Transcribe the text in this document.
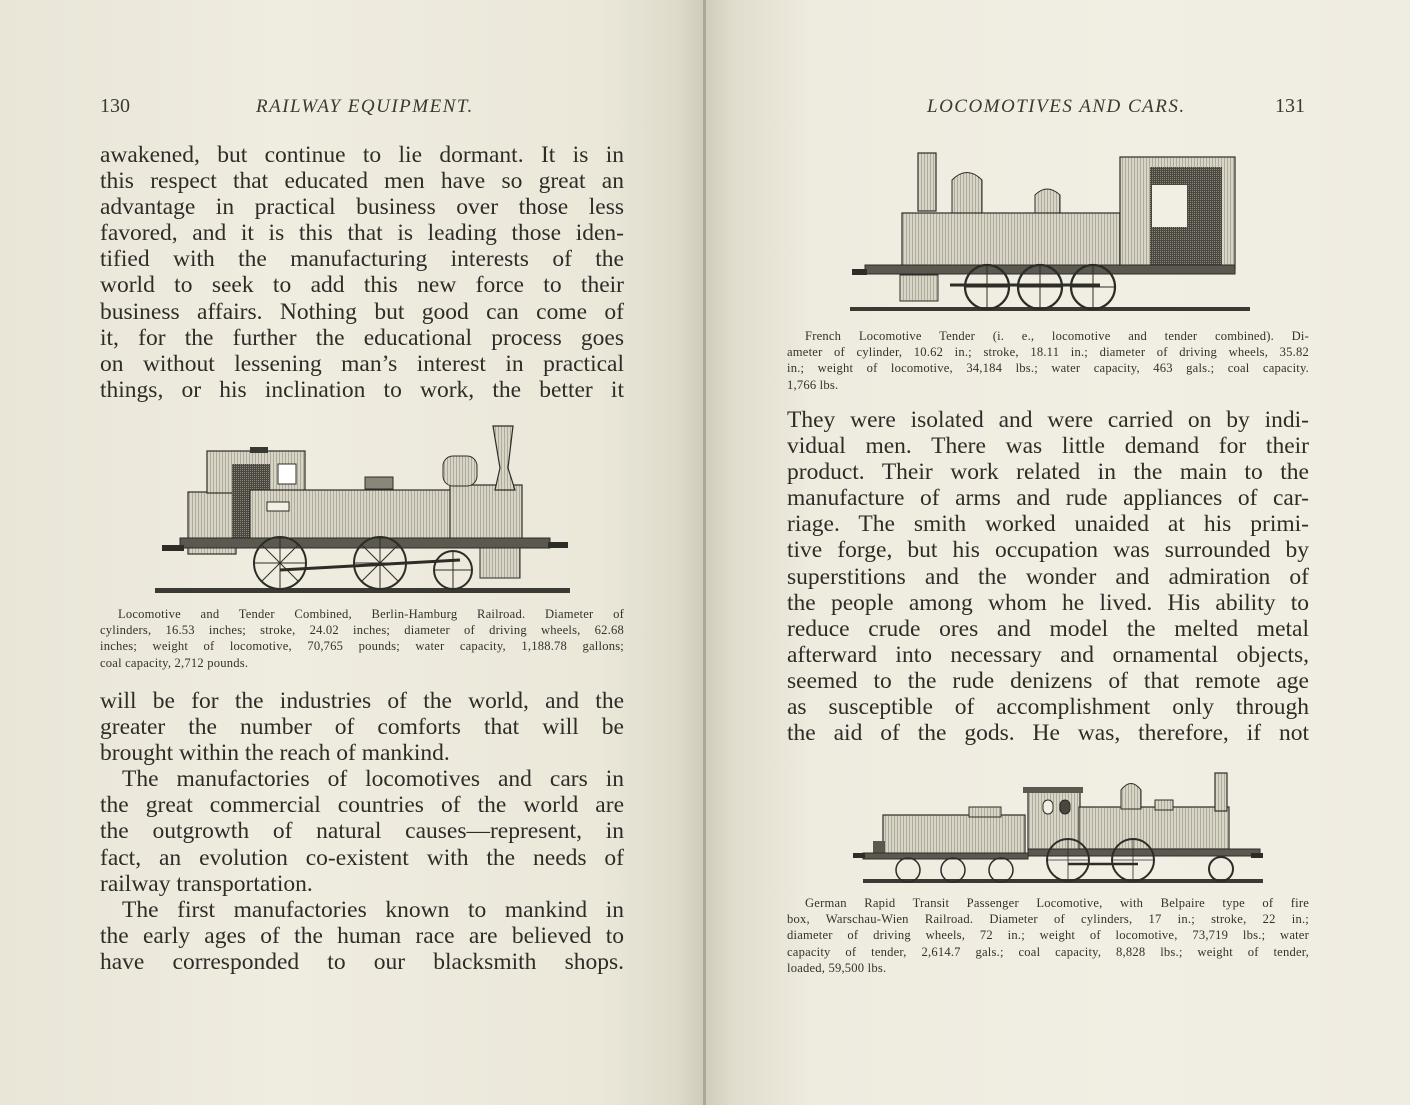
130	RAILWAY EQUIPMENT.
awakened, but continue to lie dormant. It is in
this respect that educated men have so great an
advantage in practical business over those less
favored, and it is this that is leading those iden-
tified with the manufacturing interests of the
world to seek to add this new force to their
business affairs. Nothing but good can come of
it, for the further the educational process goes
on without lessening man’s interest in practical
things, or his inclination to work, the better it
Locomotive and Tender Combined, Berlin-Hamburg Railroad. Diameter of
cylinders, 16.53 inches; stroke, 24.02 inches; diameter of driving wheels, 62.68
inches; weight of locomotive, 70,765 pounds; water capacity, 1,188.78 gallons;
coal capacity, 2,712 pounds.
will be for the industries of the world, and the
greater the number of comforts that will be
brought within the reach of mankind.
The manufactories of locomotives and cars in
the great commercial countries of the world are
the outgrowth of natural causes—represent, in
fact, an evolution co-existent with the needs of
railway transportation.
The first manufactories known to mankind in
the early ages of the human race are believed to
have corresponded to our blacksmith shops.
LOCOMOTIVES AND CARS.	131
French Locomotive Tender (i. e., locomotive and tender combined). Di-
ameter of cylinder, 10.62 in.; stroke, 18.11 in.; diameter of driving wheels, 35.82
in.; weight of locomotive, 34,184 lbs.; water capacity, 463 gals.; coal capacity.
1,766 lbs.
They were isolated and were carried on by indi-
vidual men. There was little demand for their
product. Their work related in the main to the
manufacture of arms and rude appliances of car-
riage. The smith worked unaided at his primi-
tive forge, but his occupation was surrounded by
superstitions and the wonder and admiration of
the people among whom he lived. His ability to
reduce crude ores and model the melted metal
afterward into necessary and ornamental objects,
seemed to the rude denizens of that remote age
as susceptible of accomplishment only through
the aid of the gods. He was, therefore, if not
German Rapid Transit Passenger Locomotive, with Belpaire type of fire
box, Warschau-Wien Railroad. Diameter of cylinders, 17 in.; stroke, 22 in.;
diameter of driving wheels, 72 in.; weight of locomotive, 73,719 lbs.; water
capacity of tender, 2,614.7 gals.; coal capacity, 8,828 lbs.; weight of tender,
loaded, 59,500 lbs.
